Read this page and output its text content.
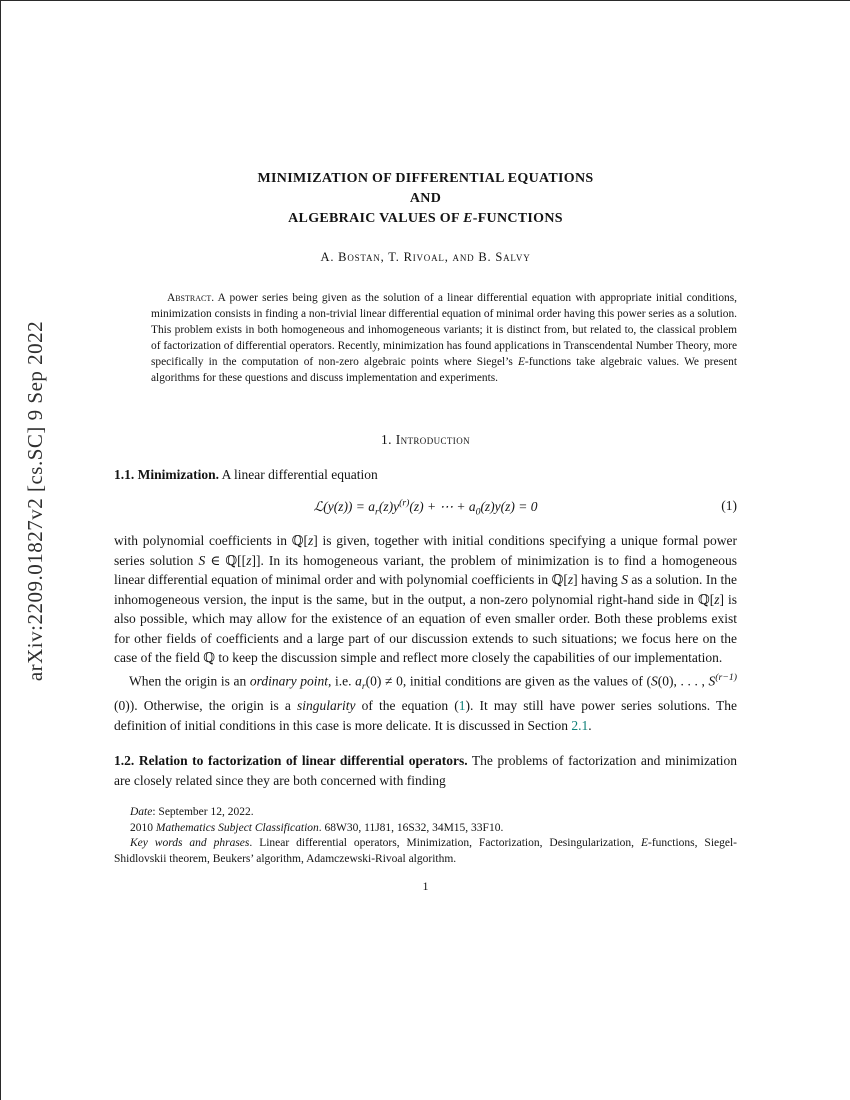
arXiv:2209.01827v2 [cs.SC] 9 Sep 2022
MINIMIZATION OF DIFFERENTIAL EQUATIONS
AND
ALGEBRAIC VALUES OF E-FUNCTIONS
A. Bostan, T. Rivoal, and B. Salvy
Abstract. A power series being given as the solution of a linear differential equation with appropriate initial conditions, minimization consists in finding a non-trivial linear differential equation of minimal order having this power series as a solution. This problem exists in both homogeneous and inhomogeneous variants; it is distinct from, but related to, the classical problem of factorization of differential operators. Recently, minimization has found applications in Transcendental Number Theory, more specifically in the computation of non-zero algebraic points where Siegel’s E-functions take algebraic values. We present algorithms for these questions and discuss implementation and experiments.
1. Introduction

1.1. Minimization. A linear differential equation

ℒ(y(z)) = $a_r(z)y^{(r)}(z)$ + ⋯ + $a_0(z)y(z) = 0$	(1)

with polynomial coefficients in ℚ[z] is given, together with initial conditions specifying a unique formal power series solution S ∈ ℚ[[z]]. In its homogeneous variant, the problem of minimization is to find a homogeneous linear differential equation of minimal order and with polynomial coefficients in ℚ[z] having S as a solution. In the inhomogeneous version, the input is the same, but in the output, a non-zero polynomial right-hand side in ℚ[z] is also possible, which may allow for the existence of an equation of even smaller order. Both these problems exist for other fields of coefficients and a large part of our discussion extends to such situations; we focus here on the case of the field ℚ to keep the discussion simple and reflect more closely the capabilities of our implementation.

When the origin is an ordinary point, i.e. $a_r(0) \ne 0$, initial conditions are given as the values of (S(0), . . . , $S^{(r-1)}(0)$). Otherwise, the origin is a singularity of the equation (1). It may still have power series solutions. The definition of initial conditions in this case is more delicate. It is discussed in Section 2.1.

1.2. Relation to factorization of linear differential operators. The problems of factorization and minimization are closely related since they are both concerned with finding

Date: September 12, 2022.

2010 Mathematics Subject Classification. 68W30, 11J81, 16S32, 34M15, 33F10.

Key words and phrases. Linear differential operators, Minimization, Factorization, Desingularization, E-functions, Siegel-Shidlovskii theorem, Beukers’ algorithm, Adamczewski-Rivoal algorithm.

1
